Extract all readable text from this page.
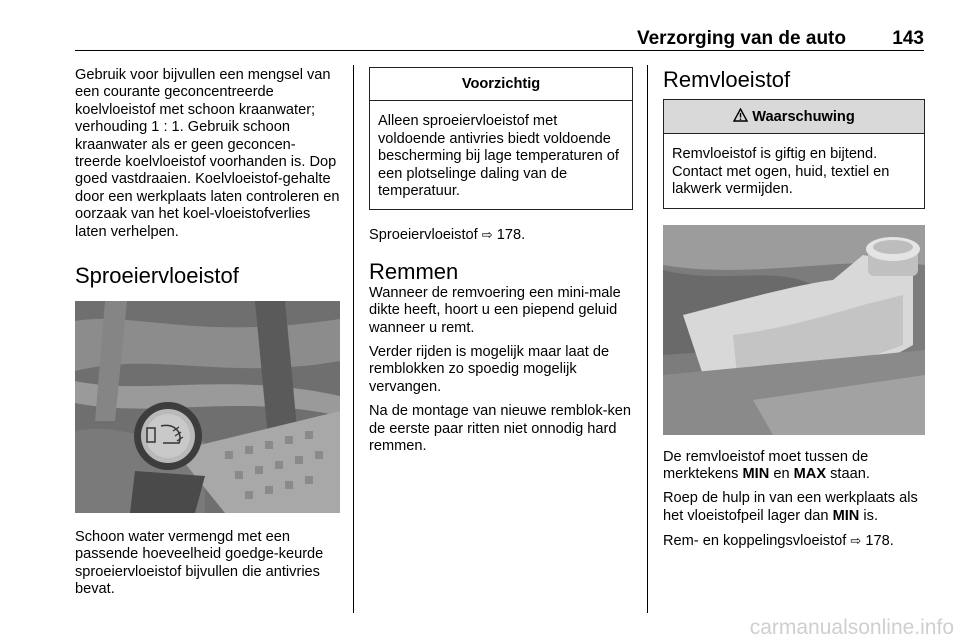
Verzorging van de auto 143

Gebruik voor bijvullen een mengsel van een courante geconcentreerde koelvloeistof met schoon kraanwater; verhouding 1 : 1. Gebruik schoon kraanwater als er geen geconcen-treerde koelvloeistof voorhanden is. Dop goed vastdraaien. Koelvloeistof-gehalte door een werkplaats laten controleren en oorzaak van het koel-vloeistofverlies laten verhelpen.

Sproeiervloeistof

Schoon water vermengd met een passende hoeveelheid goedge-keurde sproeiervloeistof bijvullen die antivries bevat.

Voorzichtig
Alleen sproeiervloeistof met voldoende antivries biedt voldoende bescherming bij lage temperaturen of een plotselinge daling van de temperatuur.

Sproeiervloeistof ⇨ 178.

Remmen

Wanneer de remvoering een mini-male dikte heeft, hoort u een piepend geluid wanneer u remt.

Verder rijden is mogelijk maar laat de remblokken zo spoedig mogelijk vervangen.

Na de montage van nieuwe remblok-ken de eerste paar ritten niet onnodig hard remmen.

Remvloeistof
Waarschuwing
Remvloeistof is giftig en bijtend. Contact met ogen, huid, textiel en lakwerk vermijden.

De remvloeistof moet tussen de merktekens MIN en MAX staan.

Roep de hulp in van een werkplaats als het vloeistofpeil lager dan MIN is.

Rem- en koppelingsvloeistof ⇨ 178.

carmanualsonline.info
